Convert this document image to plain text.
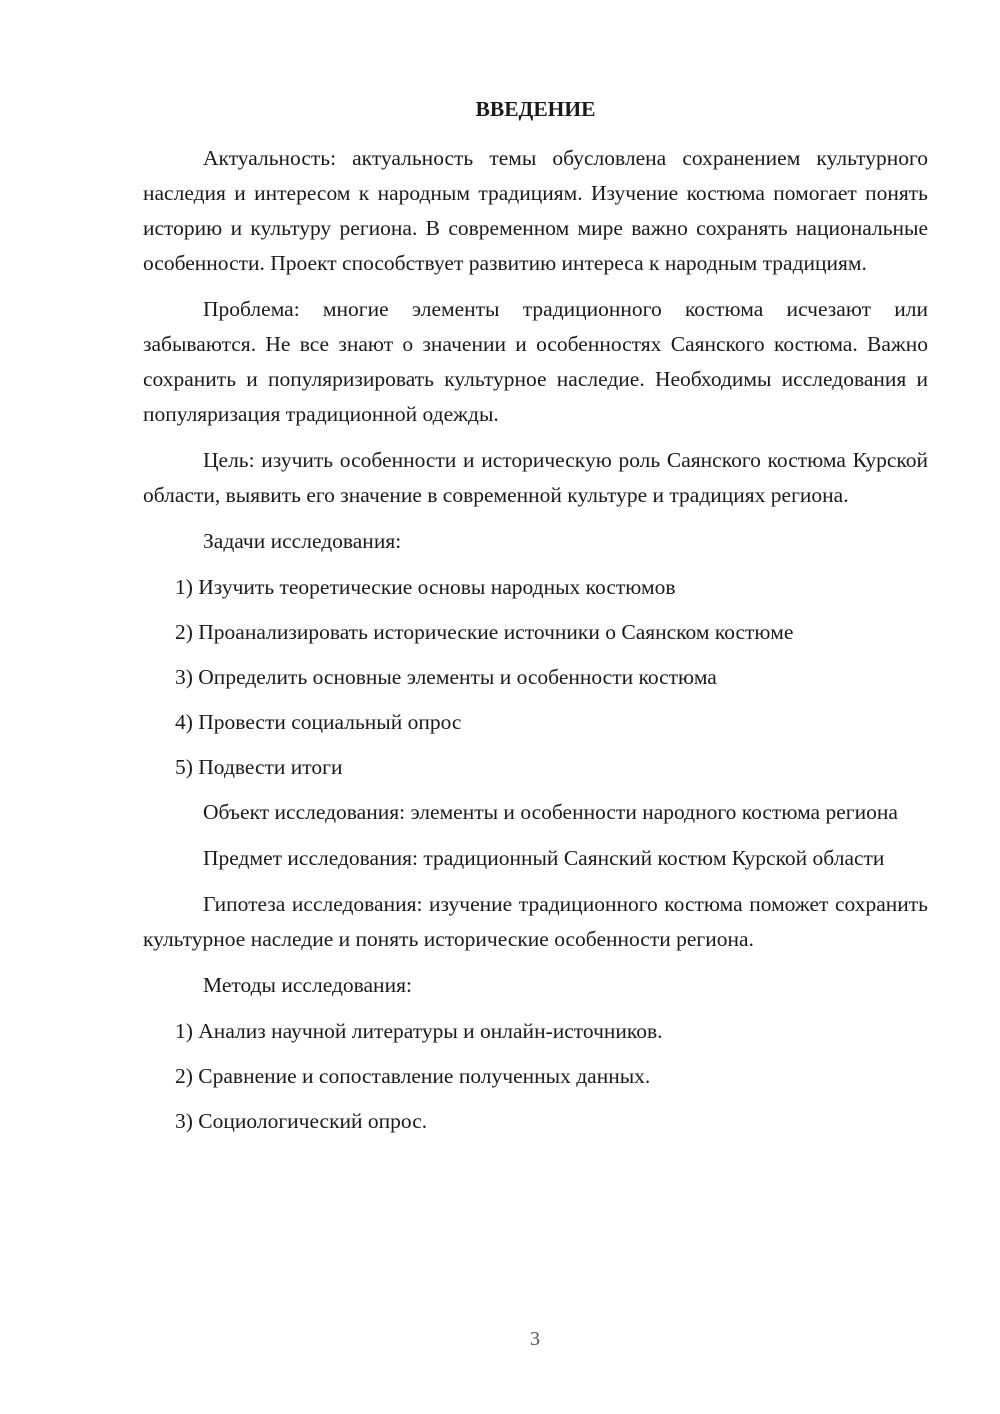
ВВЕДЕНИЕ

Актуальность: актуальность темы обусловлена сохранением культурного наследия и интересом к народным традициям. Изучение костюма помогает понять историю и культуру региона. В современном мире важно сохранять национальные особенности. Проект способствует развитию интереса к народным традициям.

Проблема: многие элементы традиционного костюма исчезают или забываются. Не все знают о значении и особенностях Саянского костюма. Важно сохранить и популяризировать культурное наследие. Необходимы исследования и популяризация традиционной одежды.

Цель: изучить особенности и историческую роль Саянского костюма Курской области, выявить его значение в современной культуре и традициях региона.

Задачи исследования:

1) Изучить теоретические основы народных костюмов
2) Проанализировать исторические источники о Саянском костюме
3) Определить основные элементы и особенности костюма
4) Провести социальный опрос
5) Подвести итоги

Объект исследования: элементы и особенности народного костюма региона

Предмет исследования: традиционный Саянский костюм Курской области

Гипотеза исследования: изучение традиционного костюма поможет сохранить культурное наследие и понять исторические особенности региона.

Методы исследования:

1) Анализ научной литературы и онлайн-источников.
2) Сравнение и сопоставление полученных данных.
3) Социологический опрос.
3
